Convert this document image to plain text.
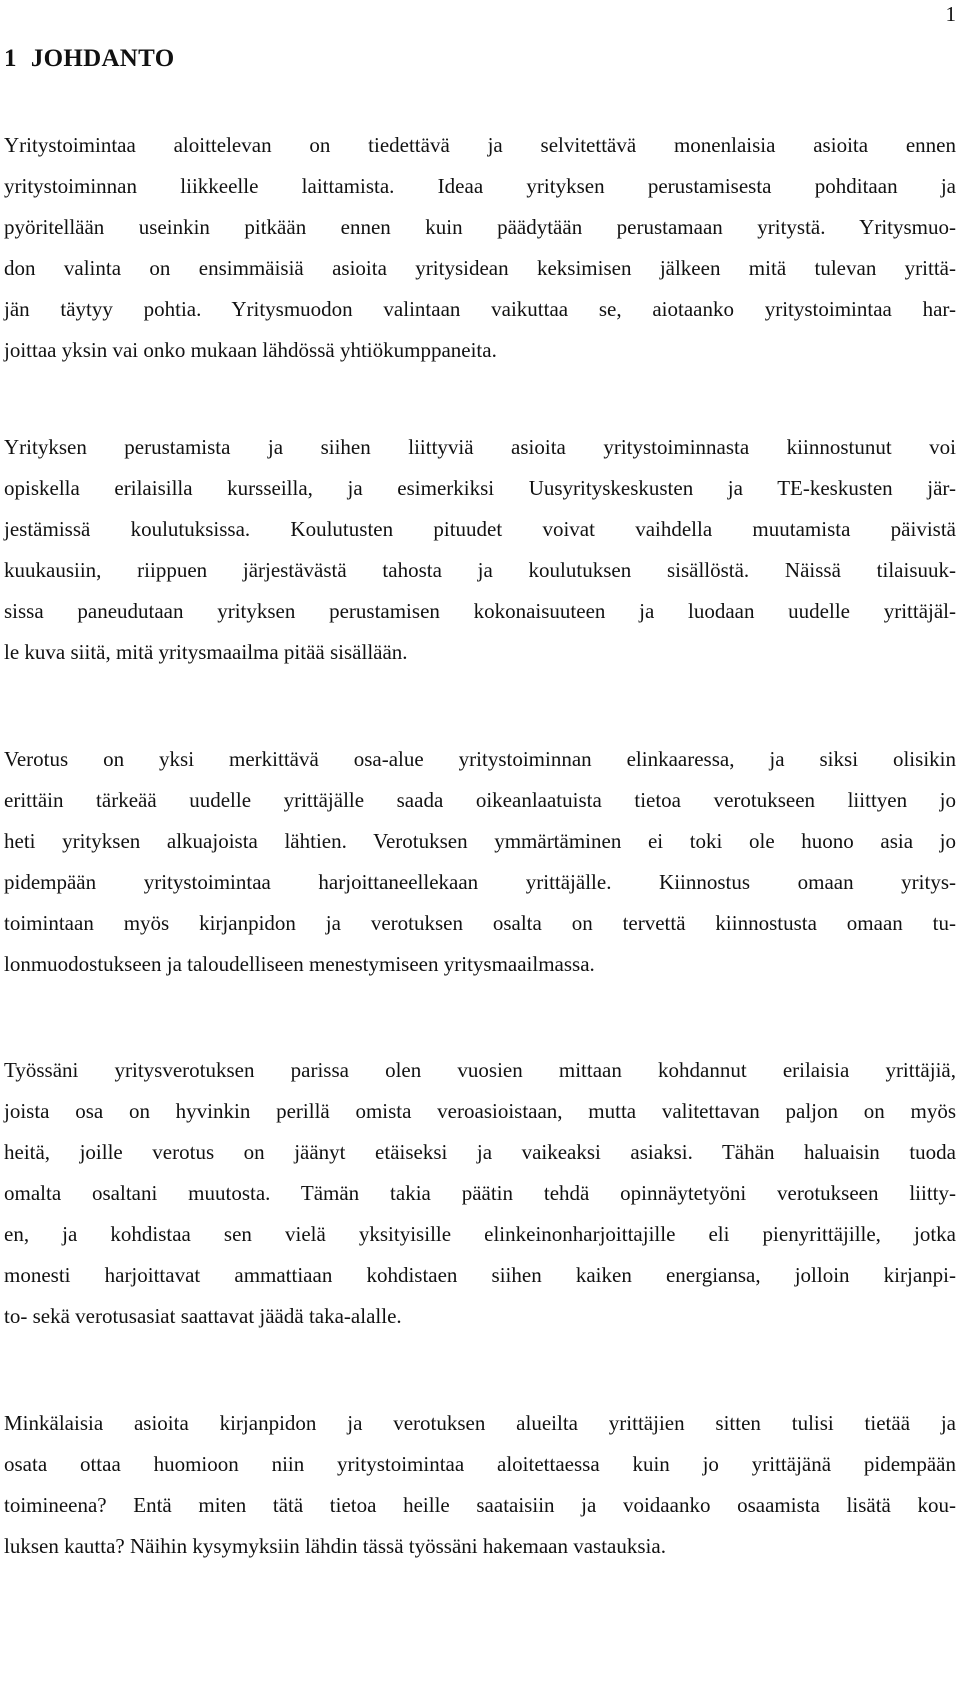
1
1 JOHDANTO

Yritystoimintaa aloittelevan on tiedettävä ja selvitettävä monenlaisia asioita ennen
yritystoiminnan liikkeelle laittamista. Ideaa yrityksen perustamisesta pohditaan ja
pyöritellään useinkin pitkään ennen kuin päädytään perustamaan yritystä. Yritysmuo-
don valinta on ensimmäisiä asioita yritysidean keksimisen jälkeen mitä tulevan yrittä-
jän täytyy pohtia. Yritysmuodon valintaan vaikuttaa se, aiotaanko yritystoimintaa har-
joittaa yksin vai onko mukaan lähdössä yhtiökumppaneita.

Yrityksen perustamista ja siihen liittyviä asioita yritystoiminnasta kiinnostunut voi
opiskella erilaisilla kursseilla, ja esimerkiksi Uusyrityskeskusten ja TE-keskusten jär-
jestämissä koulutuksissa. Koulutusten pituudet voivat vaihdella muutamista päivistä
kuukausiin, riippuen järjestävästä tahosta ja koulutuksen sisällöstä. Näissä tilaisuuk-
sissa paneudutaan yrityksen perustamisen kokonaisuuteen ja luodaan uudelle yrittäjäl-
le kuva siitä, mitä yritysmaailma pitää sisällään.

Verotus on yksi merkittävä osa-alue yritystoiminnan elinkaaressa, ja siksi olisikin
erittäin tärkeää uudelle yrittäjälle saada oikeanlaatuista tietoa verotukseen liittyen jo
heti yrityksen alkuajoista lähtien. Verotuksen ymmärtäminen ei toki ole huono asia jo
pidempään yritystoimintaa harjoittaneellekaan yrittäjälle. Kiinnostus omaan yritys-
toimintaan myös kirjanpidon ja verotuksen osalta on tervettä kiinnostusta omaan tu-
lonmuodostukseen ja taloudelliseen menestymiseen yritysmaailmassa.

Työssäni yritysverotuksen parissa olen vuosien mittaan kohdannut erilaisia yrittäjiä,
joista osa on hyvinkin perillä omista veroasioistaan, mutta valitettavan paljon on myös
heitä, joille verotus on jäänyt etäiseksi ja vaikeaksi asiaksi. Tähän haluaisin tuoda
omalta osaltani muutosta. Tämän takia päätin tehdä opinnäytetyöni verotukseen liitty-
en, ja kohdistaa sen vielä yksityisille elinkeinonharjoittajille eli pienyrittäjille, jotka
monesti harjoittavat ammattiaan kohdistaen siihen kaiken energiansa, jolloin kirjanpi-
to- sekä verotusasiat saattavat jäädä taka-alalle.

Minkälaisia asioita kirjanpidon ja verotuksen alueilta yrittäjien sitten tulisi tietää ja
osata ottaa huomioon niin yritystoimintaa aloitettaessa kuin jo yrittäjänä pidempään
toimineena? Entä miten tätä tietoa heille saataisiin ja voidaanko osaamista lisätä kou-
luksen kautta? Näihin kysymyksiin lähdin tässä työssäni hakemaan vastauksia.
